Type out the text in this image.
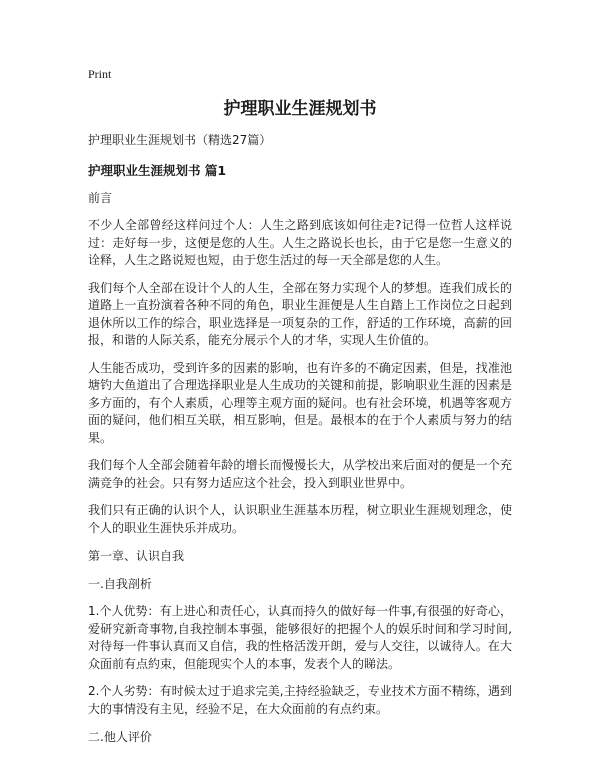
Print
护理职业生涯规划书
护理职业生涯规划书（精选27篇）
护理职业生涯规划书 篇1
前言

不少人全部曾经这样问过个人：人生之路到底该如何往走?记得一位哲人这样说过：走好每一步，这便是您的人生。人生之路说长也长，由于它是您一生意义的诠释，人生之路说短也短，由于您生活过的每一天全部是您的人生。

我们每个人全部在设计个人的人生，全部在努力实现个人的梦想。连我们成长的道路上一直扮演着各种不同的角色，职业生涯便是人生自踏上工作岗位之日起到退休所以工作的综合，职业选择是一项复杂的工作，舒适的工作环境，高薪的回报，和谐的人际关系，能充分展示个人的才华，实现人生价值的。

人生能否成功，受到许多的因素的影响，也有许多的不确定因素，但是，找准池塘钓大鱼道出了合理选择职业是人生成功的关键和前提，影响职业生涯的因素是多方面的，有个人素质，心理等主观方面的疑问。也有社会环境，机遇等客观方面的疑问，他们相互关联，相互影响，但是。最根本的在于个人素质与努力的结果。

我们每个人全部会随着年龄的增长而慢慢长大，从学校出来后面对的便是一个充满竞争的社会。只有努力适应这个社会，投入到职业世界中。

我们只有正确的认识个人，认识职业生涯基本历程，树立职业生涯规划理念，使个人的职业生涯快乐并成功。

第一章、认识自我
一.自我剖析

1.个人优势：有上进心和责任心，认真而持久的做好每一件事,有很强的好奇心，爱研究新奇事物,自我控制本事强，能够很好的把握个人的娱乐时间和学习时间,对待每一件事认真而又自信，我的性格活泼开朗，爱与人交往，以诚待人。在大众面前有点約束，但能现实个人的本事，发表个人的睇法。

2.个人劣势：有时候太过于追求完美,主持经验缺乏，专业技术方面不精练，遇到大的事情没有主见，经验不足，在大众面前的有点约束。

二.他人评价
